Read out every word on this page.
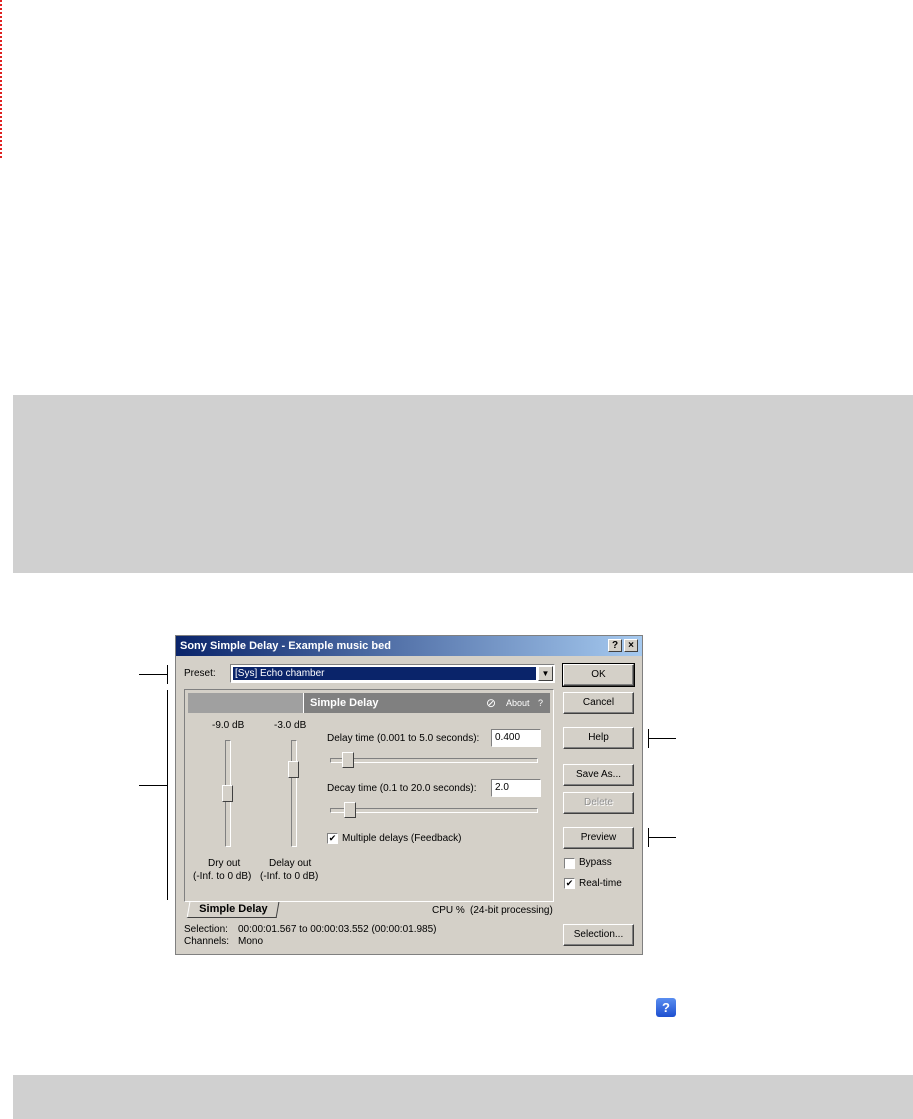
Sony Simple Delay - Example music bed	?	×
Preset: [Sys] Echo chamber	▼	OK
Cancel
Help
Save As...
Delete
Preview
Bypass
✔ Real-time
Simple Delay	⊘ About ?
-9.0 dB	-3.0 dB
Dry out
(-Inf. to 0 dB)
Delay out
(-Inf. to 0 dB)
Delay time (0.001 to 5.0 seconds):	0.400
Decay time (0.1 to 20.0 seconds):	2.0
✔ Multiple delays (Feedback)
Simple Delay	CPU % (24-bit processing)
Selection: 00:00:01.567 to 00:00:03.552 (00:00:01.985)
Channels: Mono
Selection...
?
